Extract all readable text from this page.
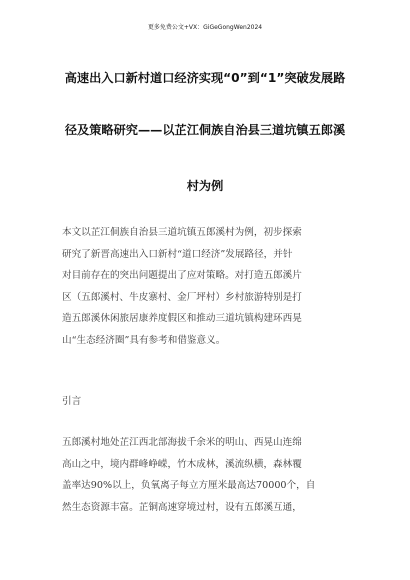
更多免费公文+VX：GiGeGongWen2024
高速出入口新村道口经济实现“0”到“1”突破发展路
径及策略研究——以芷江侗族自治县三道坑镇五郎溪
村为例
本文以芷江侗族自治县三道坑镇五郎溪村为例，初步探索
研究了新晋高速出入口新村“道口经济”发展路径，并针
对目前存在的突出问题提出了应对策略。对打造五郎溪片
区（五郎溪村、牛皮寨村、金厂坪村）乡村旅游特别是打
造五郎溪休闲旅居康养度假区和推动三道坑镇构建环西晃
山“生态经济圈”具有参考和借鉴意义。
引言
五郎溪村地处芷江西北部海拔千余米的明山、西晃山连绵
高山之中，境内群峰峥嵘，竹木成林，溪流纵横，森林覆
盖率达90%以上，负氧离子每立方厘米最高达70000个，自
然生态资源丰富。芷铜高速穿境过村，设有五郎溪互通，
